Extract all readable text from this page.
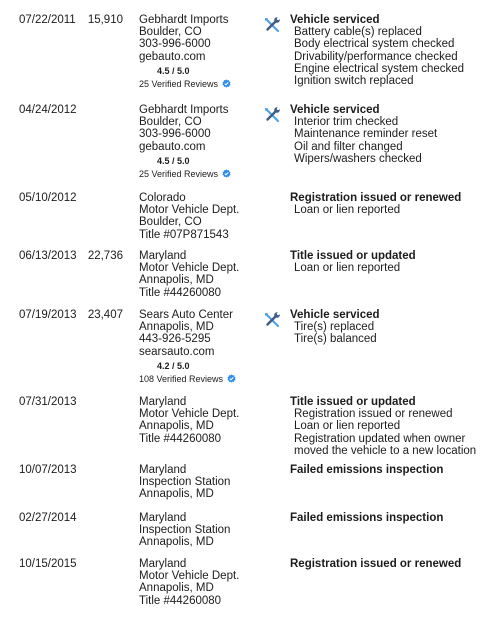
07/22/2011 15,910 Gebhardt Imports
Boulder, CO
303-996-6000
gebauto.com
4.5 / 5.0
25 Verified Reviews
Vehicle serviced
Battery cable(s) replaced
Body electrical system checked
Drivability/performance checked
Engine electrical system checked
Ignition switch replaced
04/24/2012	Gebhardt Imports
Boulder, CO
303-996-6000
gebauto.com
4.5 / 5.0
25 Verified Reviews
Vehicle serviced
Interior trim checked
Maintenance reminder reset
Oil and filter changed
Wipers/washers checked
05/10/2012	Colorado
Motor Vehicle Dept.
Boulder, CO
Title #07P871543
Registration issued or renewed
Loan or lien reported
06/13/2013 22,736 Maryland
Motor Vehicle Dept.
Annapolis, MD
Title #44260080
Title issued or updated
Loan or lien reported
07/19/2013 23,407 Sears Auto Center
Annapolis, MD
443-926-5295
searsauto.com
4.2 / 5.0
108 Verified Reviews
Vehicle serviced
Tire(s) replaced
Tire(s) balanced
07/31/2013	Maryland
Motor Vehicle Dept.
Annapolis, MD
Title #44260080
Title issued or updated
Registration issued or renewed
Loan or lien reported
Registration updated when owner
moved the vehicle to a new location
10/07/2013	Maryland
Inspection Station
Annapolis, MD
Failed emissions inspection
02/27/2014	Maryland
Inspection Station
Annapolis, MD
Failed emissions inspection
10/15/2015	Maryland
Motor Vehicle Dept.
Annapolis, MD
Title #44260080
Registration issued or renewed
